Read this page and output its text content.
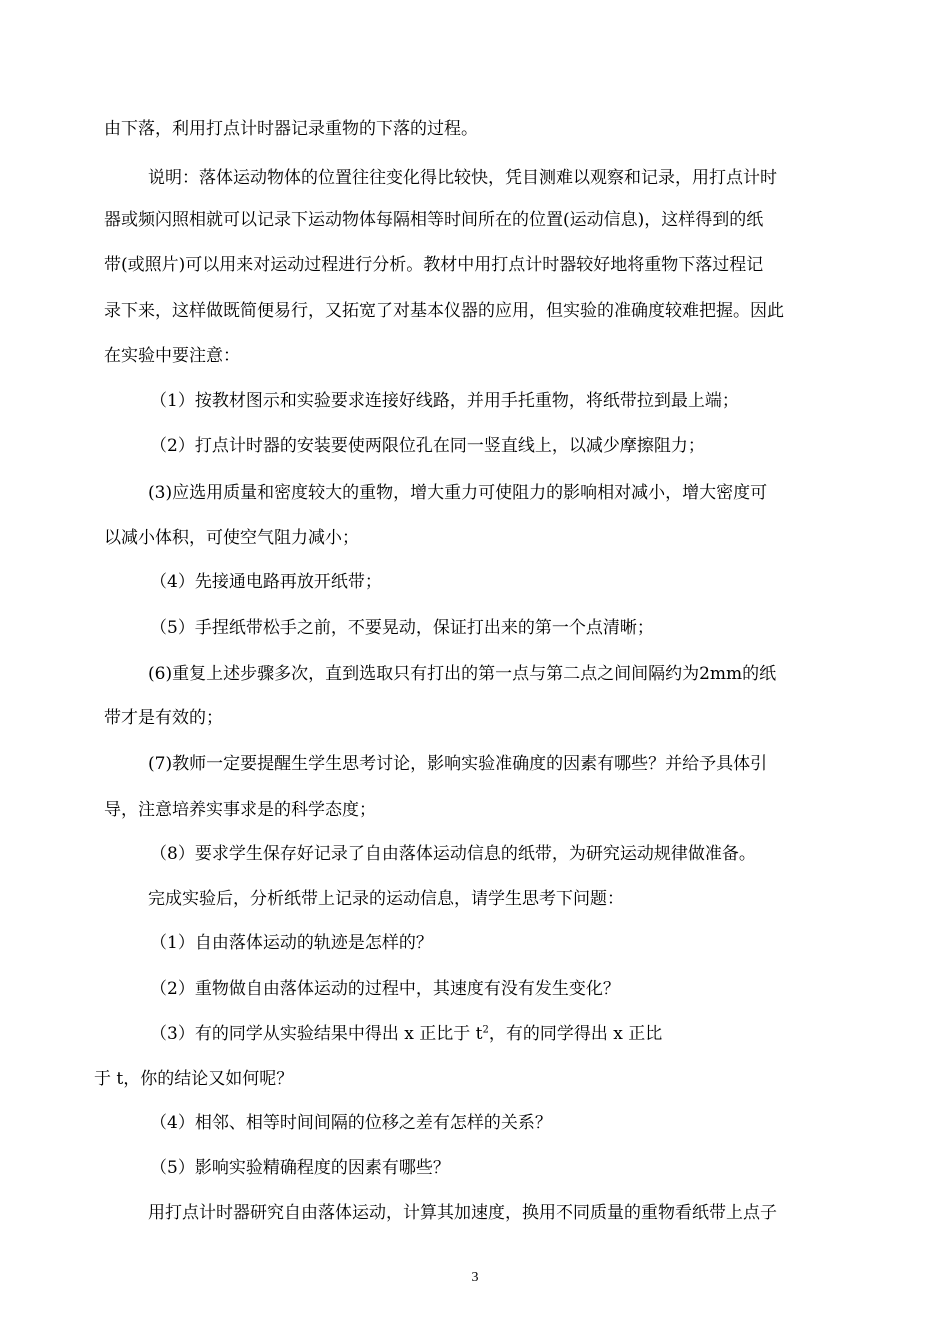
由下落，利用打点计时器记录重物的下落的过程。
说明：落体运动物体的位置往往变化得比较快，凭目测难以观察和记录，用打点计时
器或频闪照相就可以记录下运动物体每隔相等时间所在的位置(运动信息)，这样得到的纸
带(或照片)可以用来对运动过程进行分析。教材中用打点计时器较好地将重物下落过程记
录下来，这样做既简便易行，又拓宽了对基本仪器的应用，但实验的准确度较难把握。因此
在实验中要注意：
（1）按教材图示和实验要求连接好线路，并用手托重物，将纸带拉到最上端；
（2）打点计时器的安装要使两限位孔在同一竖直线上，以减少摩擦阻力；
(3)应选用质量和密度较大的重物，增大重力可使阻力的影响相对减小，增大密度可
以减小体积，可使空气阻力减小；
（4）先接通电路再放开纸带；
（5）手捏纸带松手之前，不要晃动，保证打出来的第一个点清晰；
(6)重复上述步骤多次，直到选取只有打出的第一点与第二点之间间隔约为2mm的纸
带才是有效的；
(7)教师一定要提醒生学生思考讨论，影响实验准确度的因素有哪些？并给予具体引
导，注意培养实事求是的科学态度；
（8）要求学生保存好记录了自由落体运动信息的纸带，为研究运动规律做准备。
完成实验后，分析纸带上记录的运动信息，请学生思考下问题：
（1）自由落体运动的轨迹是怎样的？
（2）重物做自由落体运动的过程中，其速度有没有发生变化？
（3）有的同学从实验结果中得出 x 正比于 $t^2$，有的同学得出 x 正比
于 t，你的结论又如何呢？
（4）相邻、相等时间间隔的位移之差有怎样的关系？
（5）影响实验精确程度的因素有哪些？
用打点计时器研究自由落体运动，计算其加速度，换用不同质量的重物看纸带上点子
3
